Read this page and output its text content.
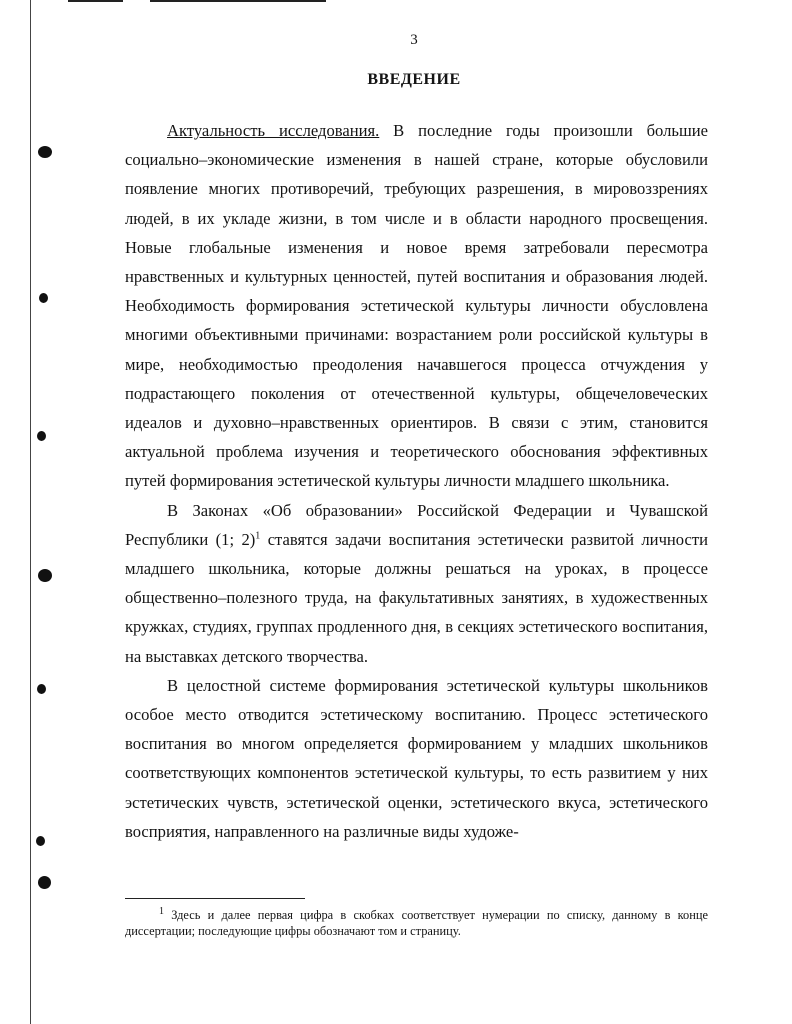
3
ВВЕДЕНИЕ

Актуальность исследования. В последние годы произошли большие социально–экономические изменения в нашей стране, которые обусловили появление многих противоречий, требующих разрешения, в мировоззрениях людей, в их укладе жизни, в том числе и в области народного просвещения. Новые глобальные изменения и новое время затребовали пересмотра нравственных и культурных ценностей, путей воспитания и образования людей. Необходимость формирования эстетической культуры личности обусловлена многими объективными причинами: возрастанием роли российской культуры в мире, необходимостью преодоления начавшегося процесса отчуждения у подрастающего поколения от отечественной культуры, общечеловеческих идеалов и духовно–нравственных ориентиров. В связи с этим, становится актуальной проблема изучения и теоретического обоснования эффективных путей формирования эстетической культуры личности младшего школьника.

В Законах «Об образовании» Российской Федерации и Чувашской Республики (1; 2)$^1$ ставятся задачи воспитания эстетически развитой личности младшего школьника, которые должны решаться на уроках, в процессе общественно–полезного труда, на факультативных занятиях, в художественных кружках, студиях, группах продленного дня, в секциях эстетического воспитания, на выставках детского творчества.

В целостной системе формирования эстетической культуры школьников особое место отводится эстетическому воспитанию. Процесс эстетического воспитания во многом определяется формированием у младших школьников соответствующих компонентов эстетической культуры, то есть развитием у них эстетических чувств, эстетической оценки, эстетического вкуса, эстетического восприятия, направленного на различные виды художе-

$^1$ Здесь и далее первая цифра в скобках соответствует нумерации по списку, данному в конце диссертации; последующие цифры обозначают том и страницу.
